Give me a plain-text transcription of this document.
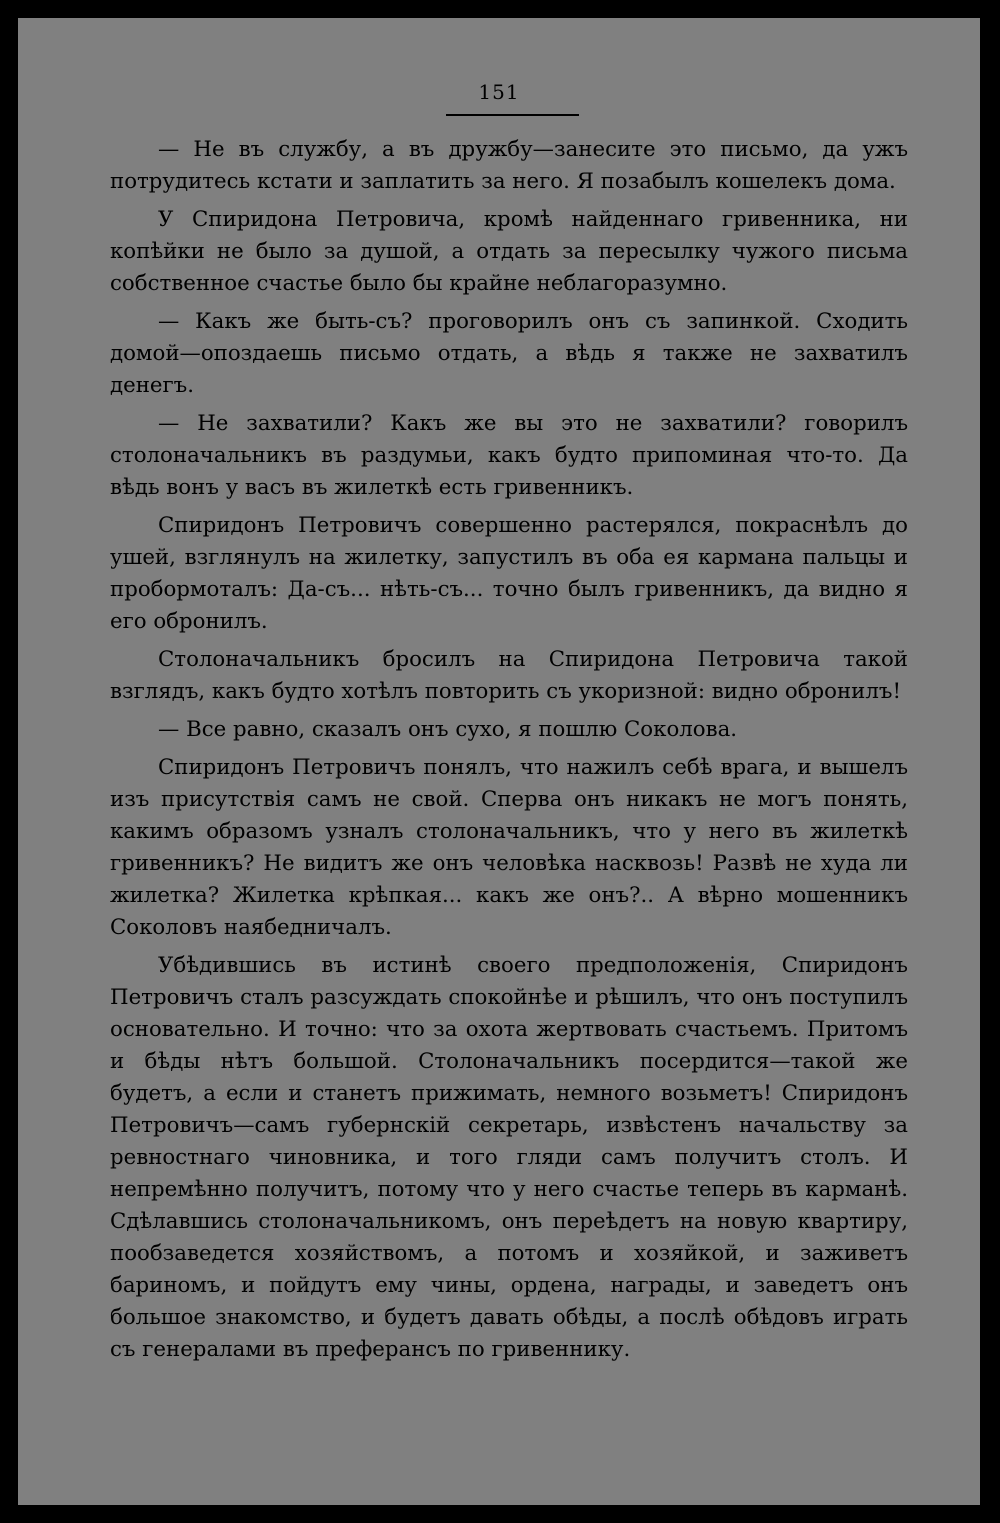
151

— Не въ службу, а въ дружбу—занесите это письмо, да ужъ потрудитесь кстати и заплатить за него. Я позабылъ кошелекъ дома.

У Спиридона Петровича, кромѣ найденнаго гривенника, ни копѣйки не было за душой, а отдать за пересылку чужого письма собственное счастье было бы крайне неблагоразумно.

— Какъ же быть-съ? проговорилъ онъ съ запинкой. Сходить домой—опоздаешь письмо отдать, а вѣдь я также не захватилъ денегъ.

— Не захватили? Какъ же вы это не захватили? говорилъ столоначальникъ въ раздумьи, какъ будто припоминая что-то. Да вѣдь вонъ у васъ въ жилеткѣ есть гривенникъ.

Спиридонъ Петровичъ совершенно растерялся, покраснѣлъ до ушей, взглянулъ на жилетку, запустилъ въ оба ея кармана пальцы и пробормоталъ: Да-съ... нѣть-съ... точно былъ гривенникъ, да видно я его обронилъ.

Столоначальникъ бросилъ на Спиридона Петровича такой взглядъ, какъ будто хотѣлъ повторить съ укоризной: видно обронилъ!

— Все равно, сказалъ онъ сухо, я пошлю Соколова.

Спиридонъ Петровичъ понялъ, что нажилъ себѣ врага, и вышелъ изъ присутствія самъ не свой. Сперва онъ никакъ не могъ понять, какимъ образомъ узналъ столоначальникъ, что у него въ жилеткѣ гривенникъ? Не видитъ же онъ человѣка насквозь! Развѣ не худа ли жилетка? Жилетка крѣпкая... какъ же онъ?.. А вѣрно мошенникъ Соколовъ наябедничалъ.

Убѣдившись въ истинѣ своего предположенія, Спиридонъ Петровичъ сталъ разсуждать спокойнѣе и рѣшилъ, что онъ поступилъ основательно. И точно: что за охота жертвовать счастьемъ. Притомъ и бѣды нѣтъ большой. Столоначальникъ посердится—такой же будетъ, а если и станетъ прижимать, немного возьметъ! Спиридонъ Петровичъ—самъ губернскій секретарь, извѣстенъ начальству за ревностнаго чиновника, и того гляди самъ получитъ столъ. И непремѣнно получитъ, потому что у него счастье теперь въ карманѣ. Сдѣлавшись столоначальникомъ, онъ переѣдетъ на новую квартиру, пообзаведется хозяйствомъ, а потомъ и хозяйкой, и заживетъ бариномъ, и пойдутъ ему чины, ордена, награды, и заведетъ онъ большое знакомство, и будетъ давать обѣды, а послѣ обѣдовъ играть съ генералами въ преферансъ по гривеннику.
